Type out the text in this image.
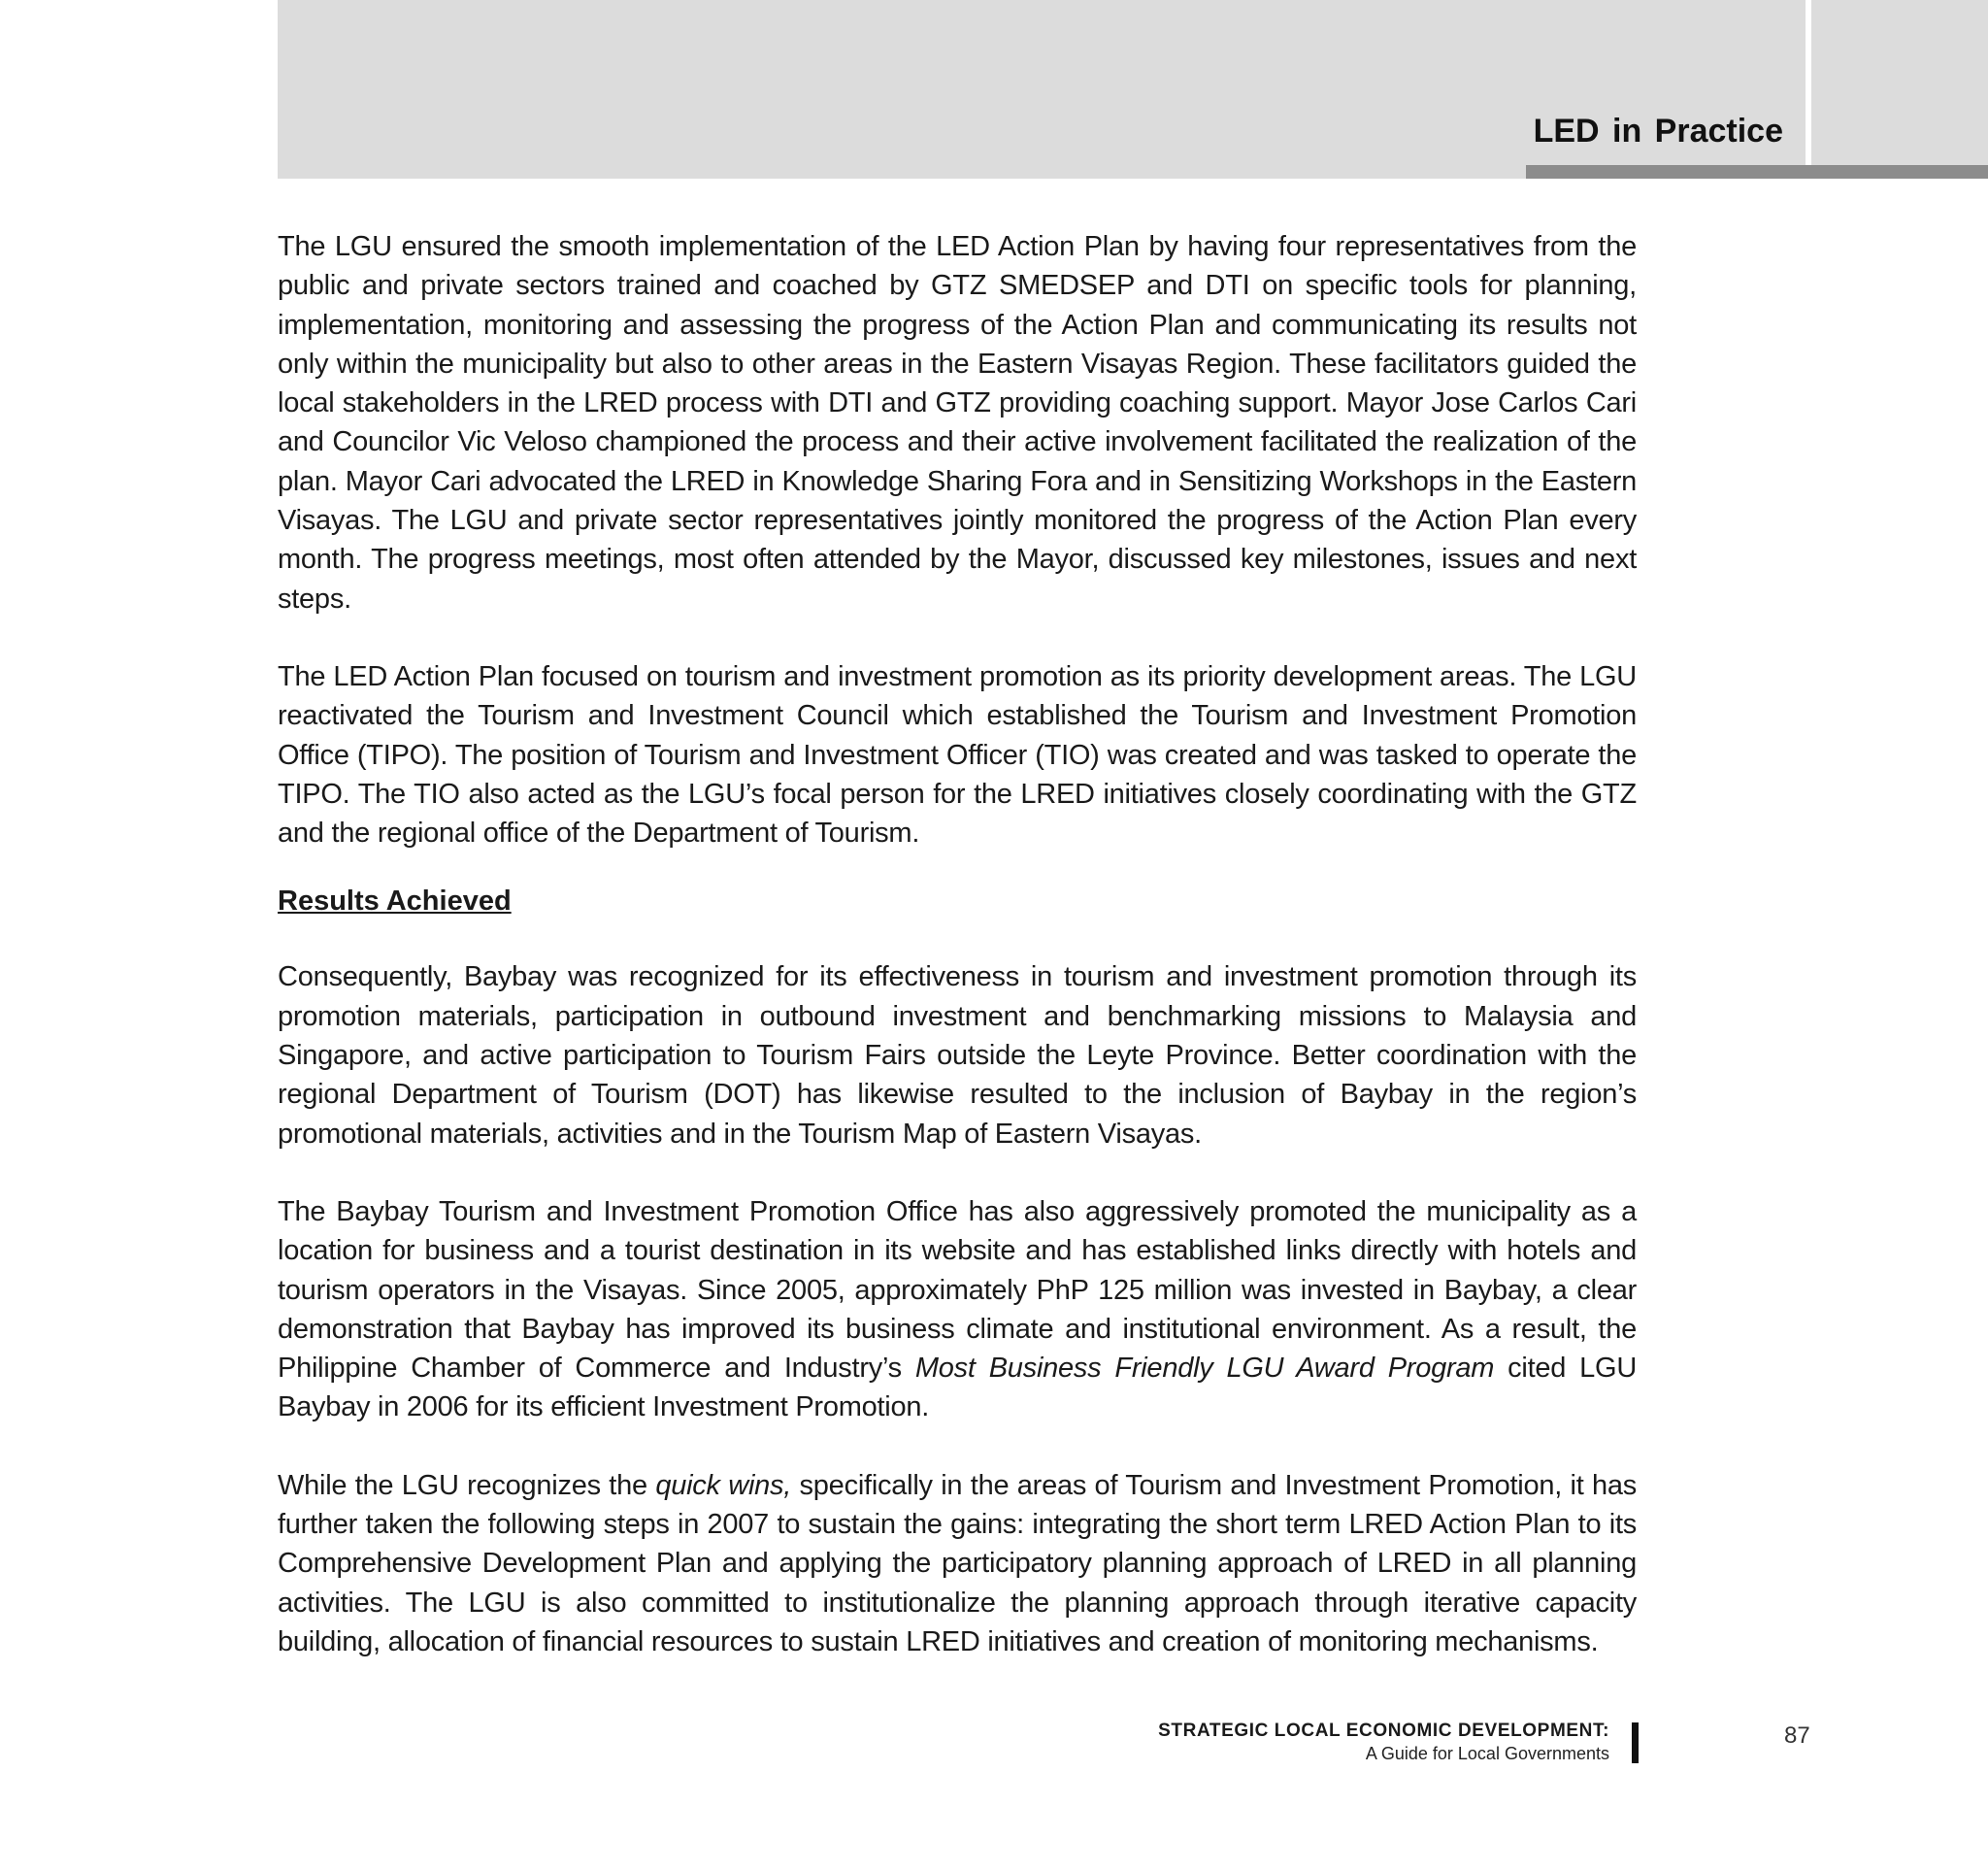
LED in Practice

The LGU ensured the smooth implementation of the LED Action Plan by having four representatives from the public and private sectors trained and coached by GTZ SMEDSEP and DTI on specific tools for planning, implementation, monitoring and assessing the progress of the Action Plan and communicating its results not only within the municipality but also to other areas in the Eastern Visayas Region. These facilitators guided the local stakeholders in the LRED process with DTI and GTZ providing coaching support. Mayor Jose Carlos Cari and Councilor Vic Veloso championed the process and their active involvement facilitated the realization of the plan. Mayor Cari advocated the LRED in Knowledge Sharing Fora and in Sensitizing Workshops in the Eastern Visayas. The LGU and private sector representatives jointly monitored the progress of the Action Plan every month. The progress meetings, most often attended by the Mayor, discussed key milestones, issues and next steps.

The LED Action Plan focused on tourism and investment promotion as its priority development areas. The LGU reactivated the Tourism and Investment Council which established the Tourism and Investment Promotion Office (TIPO). The position of Tourism and Investment Officer (TIO) was created and was tasked to operate the TIPO. The TIO also acted as the LGU’s focal person for the LRED initiatives closely coordinating with the GTZ and the regional office of the Department of Tourism.

Results Achieved

Consequently, Baybay was recognized for its effectiveness in tourism and investment promotion through its promotion materials, participation in outbound investment and benchmarking missions to Malaysia and Singapore, and active participation to Tourism Fairs outside the Leyte Province. Better coordination with the regional Department of Tourism (DOT) has likewise resulted to the inclusion of Baybay in the region’s promotional materials, activities and in the Tourism Map of Eastern Visayas.

The Baybay Tourism and Investment Promotion Office has also aggressively promoted the municipality as a location for business and a tourist destination in its website and has established links directly with hotels and tourism operators in the Visayas. Since 2005, approximately PhP 125 million was invested in Baybay, a clear demonstration that Baybay has improved its business climate and institutional environment. As a result, the Philippine Chamber of Commerce and Industry’s Most Business Friendly LGU Award Program cited LGU Baybay in 2006 for its efficient Investment Promotion.

While the LGU recognizes the quick wins, specifically in the areas of Tourism and Investment Promotion, it has further taken the following steps in 2007 to sustain the gains: integrating the short term LRED Action Plan to its Comprehensive Development Plan and applying the participatory planning approach of LRED in all planning activities. The LGU is also committed to institutionalize the planning approach through iterative capacity building, allocation of financial resources to sustain LRED initiatives and creation of monitoring mechanisms.

STRATEGIC LOCAL ECONOMIC DEVELOPMENT:
A Guide for Local Governments
87
